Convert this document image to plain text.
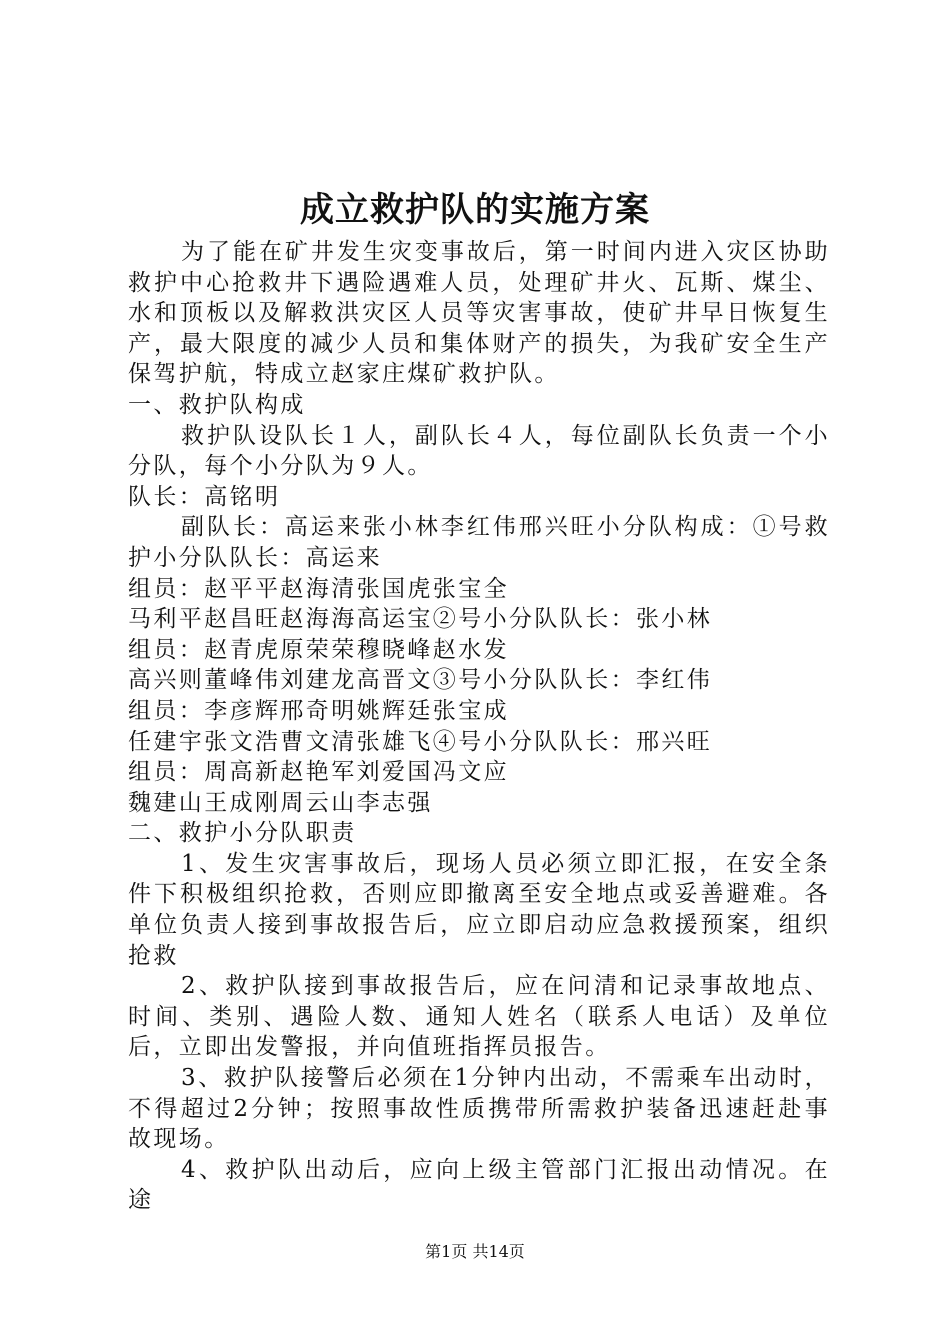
成立救护队的实施方案

为了能在矿井发生灾变事故后，第一时间内进入灾区协助救护中心抢救井下遇险遇难人员，处理矿井火、瓦斯、煤尘、水和顶板以及解救洪灾区人员等灾害事故，使矿井早日恢复生产，最大限度的减少人员和集体财产的损失，为我矿安全生产保驾护航，特成立赵家庄煤矿救护队。

一、救护队构成

救护队设队长１人，副队长４人，每位副队长负责一个小分队，每个小分队为９人。

队长：高铭明

副队长：高运来张小林李红伟邢兴旺小分队构成：①号救护小分队队长：高运来

组员：赵平平赵海清张国虎张宝全

马利平赵昌旺赵海海高运宝②号小分队队长：张小林

组员：赵青虎原荣荣穆晓峰赵水发

高兴则董峰伟刘建龙高晋文③号小分队队长：李红伟

组员：李彦辉邢奇明姚辉廷张宝成

任建宇张文浩曹文清张雄飞④号小分队队长：邢兴旺

组员：周高新赵艳军刘爱国冯文应

魏建山王成刚周云山李志强

二、救护小分队职责

1、发生灾害事故后，现场人员必须立即汇报，在安全条件下积极组织抢救，否则应即撤离至安全地点或妥善避难。各单位负责人接到事故报告后，应立即启动应急救援预案，组织抢救

2、救护队接到事故报告后，应在问清和记录事故地点、时间、类别、遇险人数、通知人姓名（联系人电话）及单位后，立即出发警报，并向值班指挥员报告。

3、救护队接警后必须在1分钟内出动，不需乘车出动时，不得超过2分钟；按照事故性质携带所需救护装备迅速赶赴事故现场。

4、救护队出动后，应向上级主管部门汇报出动情况。在途

第1页 共14页
